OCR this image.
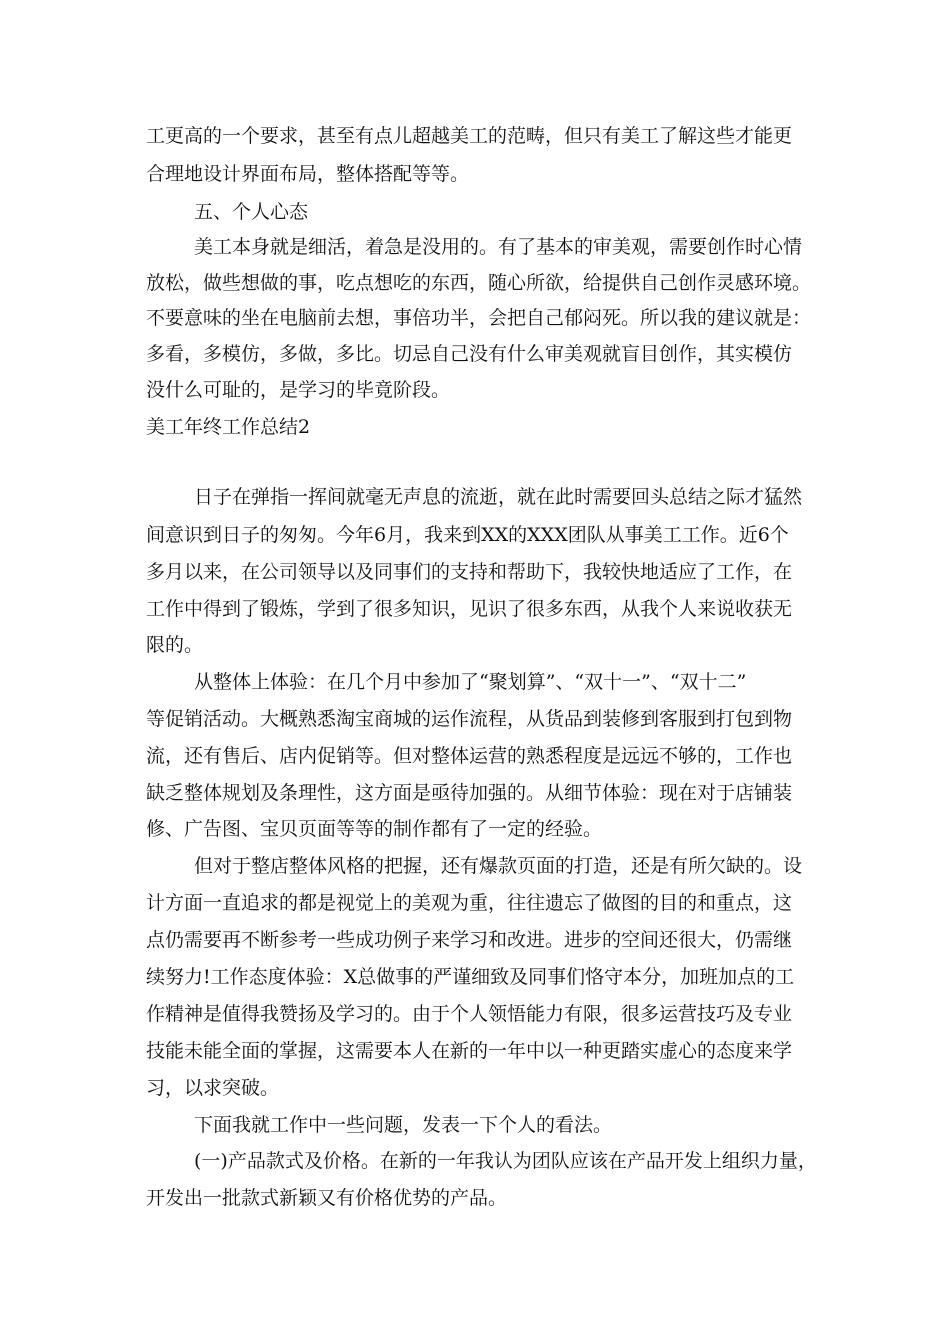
工更高的一个要求，甚至有点儿超越美工的范畴，但只有美工了解这些才能更
合理地设计界面布局，整体搭配等等。
五、个人心态
美工本身就是细活，着急是没用的。有了基本的审美观，需要创作时心情
放松，做些想做的事，吃点想吃的东西，随心所欲，给提供自己创作灵感环境。
不要意味的坐在电脑前去想，事倍功半，会把自己郁闷死。所以我的建议就是：
多看，多模仿，多做，多比。切忌自己没有什么审美观就盲目创作，其实模仿
没什么可耻的，是学习的毕竟阶段。
美工年终工作总结2
日子在弹指一挥间就毫无声息的流逝，就在此时需要回头总结之际才猛然
间意识到日子的匆匆。今年6月，我来到XX的XXX团队从事美工工作。近6个
多月以来，在公司领导以及同事们的支持和帮助下，我较快地适应了工作，在
工作中得到了锻炼，学到了很多知识，见识了很多东西，从我个人来说收获无
限的。
从整体上体验：在几个月中参加了“聚划算”、“双十一”、“双十二”
等促销活动。大概熟悉淘宝商城的运作流程，从货品到装修到客服到打包到物
流，还有售后、店内促销等。但对整体运营的熟悉程度是远远不够的，工作也
缺乏整体规划及条理性，这方面是亟待加强的。从细节体验：现在对于店铺装
修、广告图、宝贝页面等等的制作都有了一定的经验。
但对于整店整体风格的把握，还有爆款页面的打造，还是有所欠缺的。设
计方面一直追求的都是视觉上的美观为重，往往遗忘了做图的目的和重点，这
点仍需要再不断参考一些成功例子来学习和改进。进步的空间还很大，仍需继
续努力!工作态度体验：X总做事的严谨细致及同事们恪守本分，加班加点的工
作精神是值得我赞扬及学习的。由于个人领悟能力有限，很多运营技巧及专业
技能未能全面的掌握，这需要本人在新的一年中以一种更踏实虚心的态度来学
习，以求突破。
下面我就工作中一些问题，发表一下个人的看法。
(一)产品款式及价格。在新的一年我认为团队应该在产品开发上组织力量，
开发出一批款式新颖又有价格优势的产品。
